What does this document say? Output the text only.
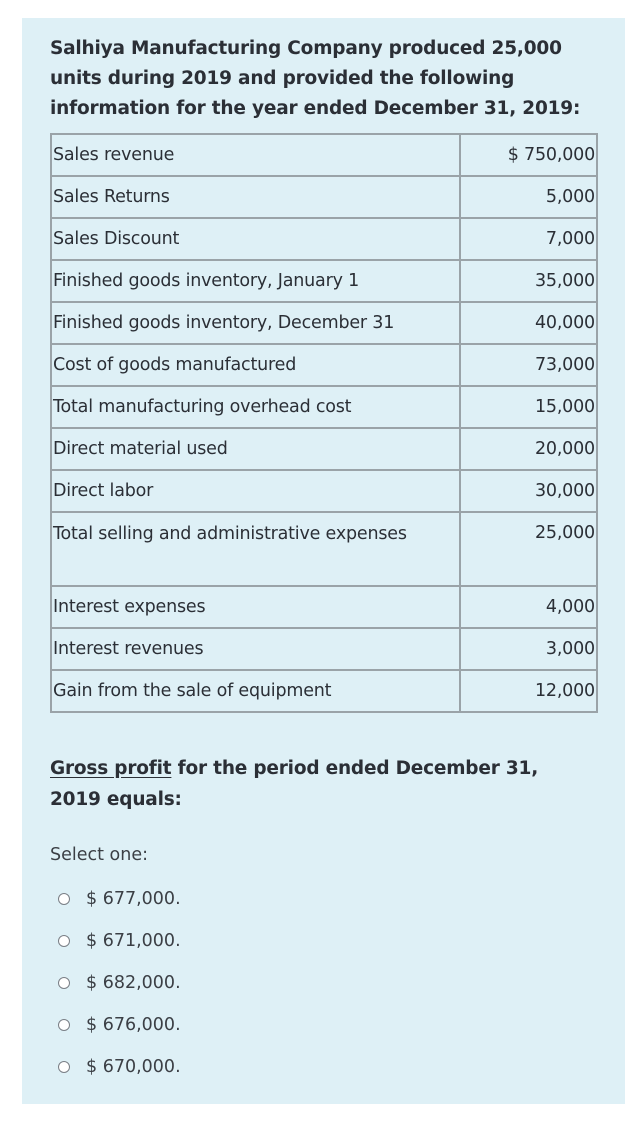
Salhiya Manufacturing Company produced 25,000 units during 2019 and provided the following information for the year ended December 31, 2019:
Sales revenue	$ 750,000
Sales Returns	5,000
Sales Discount	7,000
Finished goods inventory, January 1	35,000
Finished goods inventory, December 31	40,000
Cost of goods manufactured	73,000
Total manufacturing overhead cost	15,000
Direct material used	20,000
Direct labor	30,000
Total selling and administrative expenses	25,000
Interest expenses	4,000
Interest revenues	3,000
Gain from the sale of equipment	12,000
Gross profit for the period ended December 31, 2019 equals:
Select one:
$ 677,000.
$ 671,000.
$ 682,000.
$ 676,000.
$ 670,000.
